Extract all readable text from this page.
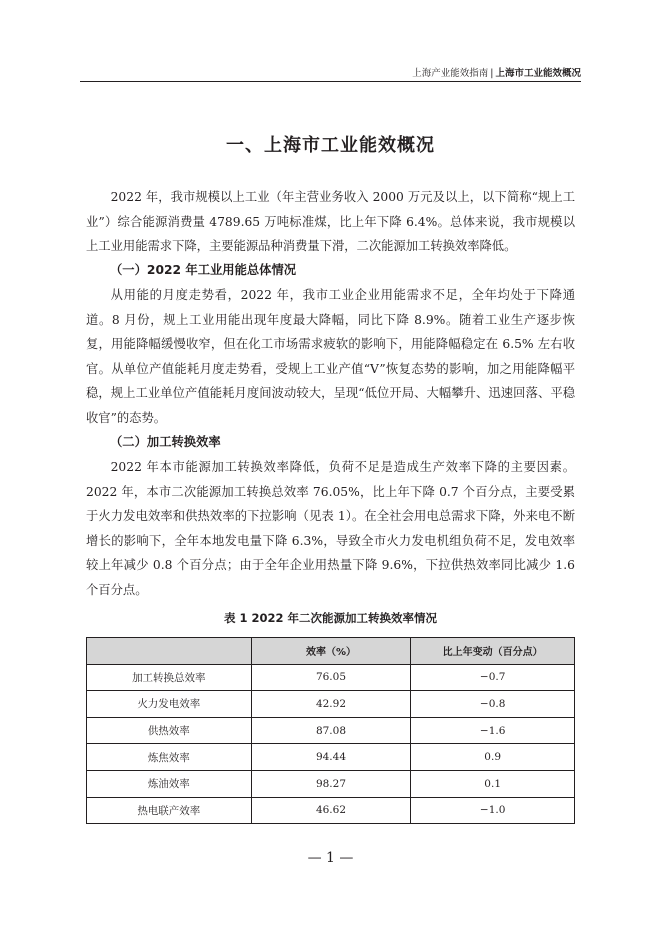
上海产业能效指南 | 上海市工业能效概况
一、上海市工业能效概况

2022 年，我市规模以上工业（年主营业务收入 2000 万元及以上，以下简称“规上工业”）综合能源消费量 4789.65 万吨标准煤，比上年下降 6.4%。总体来说，我市规模以上工业用能需求下降，主要能源品种消费量下滑，二次能源加工转换效率降低。

（一）2022 年工业用能总体情况

从用能的月度走势看，2022 年，我市工业企业用能需求不足，全年均处于下降通道。8 月份，规上工业用能出现年度最大降幅，同比下降 8.9%。随着工业生产逐步恢复，用能降幅缓慢收窄，但在化工市场需求疲软的影响下，用能降幅稳定在 6.5% 左右收官。从单位产值能耗月度走势看，受规上工业产值“V”恢复态势的影响，加之用能降幅平稳，规上工业单位产值能耗月度间波动较大，呈现“低位开局、大幅攀升、迅速回落、平稳收官”的态势。

（二）加工转换效率

2022 年本市能源加工转换效率降低，负荷不足是造成生产效率下降的主要因素。2022 年，本市二次能源加工转换总效率 76.05%，比上年下降 0.7 个百分点，主要受累于火力发电效率和供热效率的下拉影响（见表 1）。在全社会用电总需求下降，外来电不断增长的影响下，全年本地发电量下降 6.3%，导致全市火力发电机组负荷不足，发电效率较上年减少 0.8 个百分点；由于全年企业用热量下降 9.6%，下拉供热效率同比减少 1.6 个百分点。

表 1 2022 年二次能源加工转换效率情况
	效率（%）	比上年变动（百分点）
加工转换总效率	76.05	−0.7
火力发电效率	42.92	−0.8
供热效率	87.08	−1.6
炼焦效率	94.44	0.9
炼油效率	98.27	0.1
热电联产效率	46.62	−1.0
— 1 —
